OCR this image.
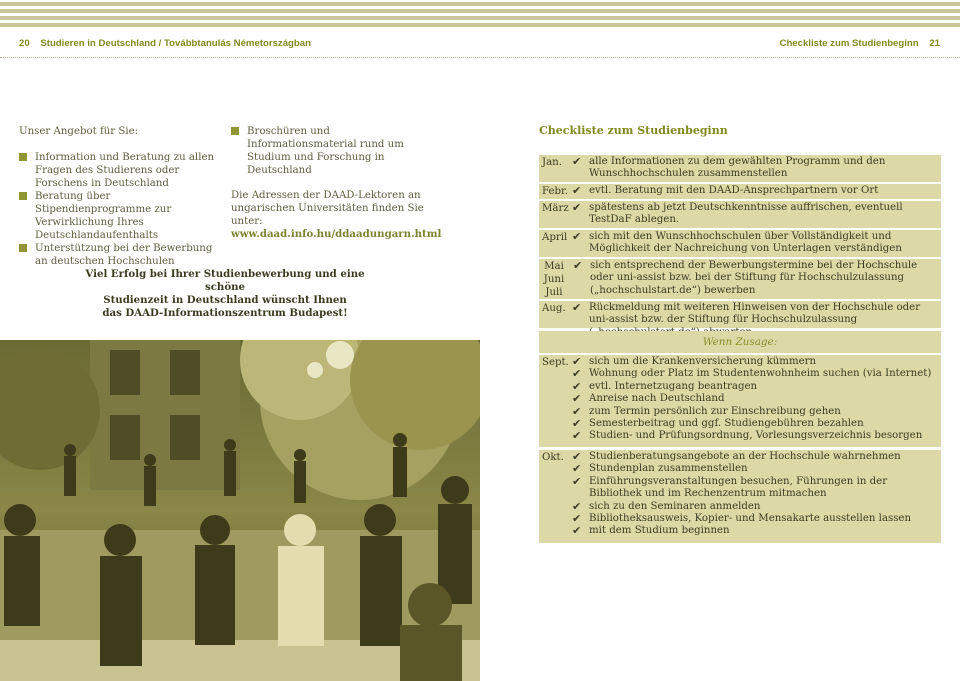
20 Studieren in Deutschland / Továbbtanulás Németországban	Checkliste zum Studienbeginn 21
Unser Angebot für Sie:
Information und Beratung zu allen Fragen des Studierens oder Forschens in Deutschland
Beratung über Stipendienprogramme zur Verwirklichung Ihres Deutschlandaufenthalts
Unterstützung bei der Bewerbung an deutschen Hochschulen
Broschüren und Informationsmaterial rund um Studium und Forschung in Deutschland
Die Adressen der DAAD-Lektoren an ungarischen Universitäten finden Sie unter:
www.daad.info.hu/ddaadungarn.html
Viel Erfolg bei Ihrer Studienbewerbung und eine schöne
Studienzeit in Deutschland wünscht Ihnen
das DAAD-Informationszentrum Budapest!
Checkliste zum Studienbeginn
Jan. ✔ alle Informationen zu dem gewählten Programm und den Wunschhochschulen zusammenstellen
Febr. ✔ evtl. Beratung mit den DAAD-Ansprechpartnern vor Ort
März ✔ spätestens ab jetzt Deutschkenntnisse auffrischen, eventuell TestDaF ablegen.
April ✔ sich mit den Wunschhochschulen über Vollständigkeit und Möglichkeit der Nachreichung von Unterlagen verständigen
Mai Juni Juli
✔ sich entsprechend der Bewerbungstermine bei der Hochschule oder uni-assist bzw. bei der Stiftung für Hochschulzulassung („hochschulstart.de“) bewerben
Aug. ✔ Rückmeldung mit weiteren Hinweisen von der Hochschule oder uni-assist bzw. der Stiftung für Hochschulzulassung
Wenn Zusage:
Sept. ✔ sich um die Krankenversicherung kümmern
✔ Wohnung oder Platz im Studentenwohnheim suchen (via Internet)
✔ evtl. Internetzugang beantragen
✔ Anreise nach Deutschland
✔ zum Termin persönlich zur Einschreibung gehen
✔ Semesterbeitrag und ggf. Studiengebühren bezahlen
✔ Studien- und Prüfungsordnung, Vorlesungsverzeichnis besorgen
Okt. ✔ Studienberatungsangebote an der Hochschule wahrnehmen
✔ Stundenplan zusammenstellen
✔ Einführungsveranstaltungen besuchen, Führungen in der Bibliothek und im Rechenzentrum mitmachen
✔ sich zu den Seminaren anmelden
✔ Bibliotheksausweis, Kopier- und Mensakarte ausstellen lassen
✔ mit dem Studium beginnen
